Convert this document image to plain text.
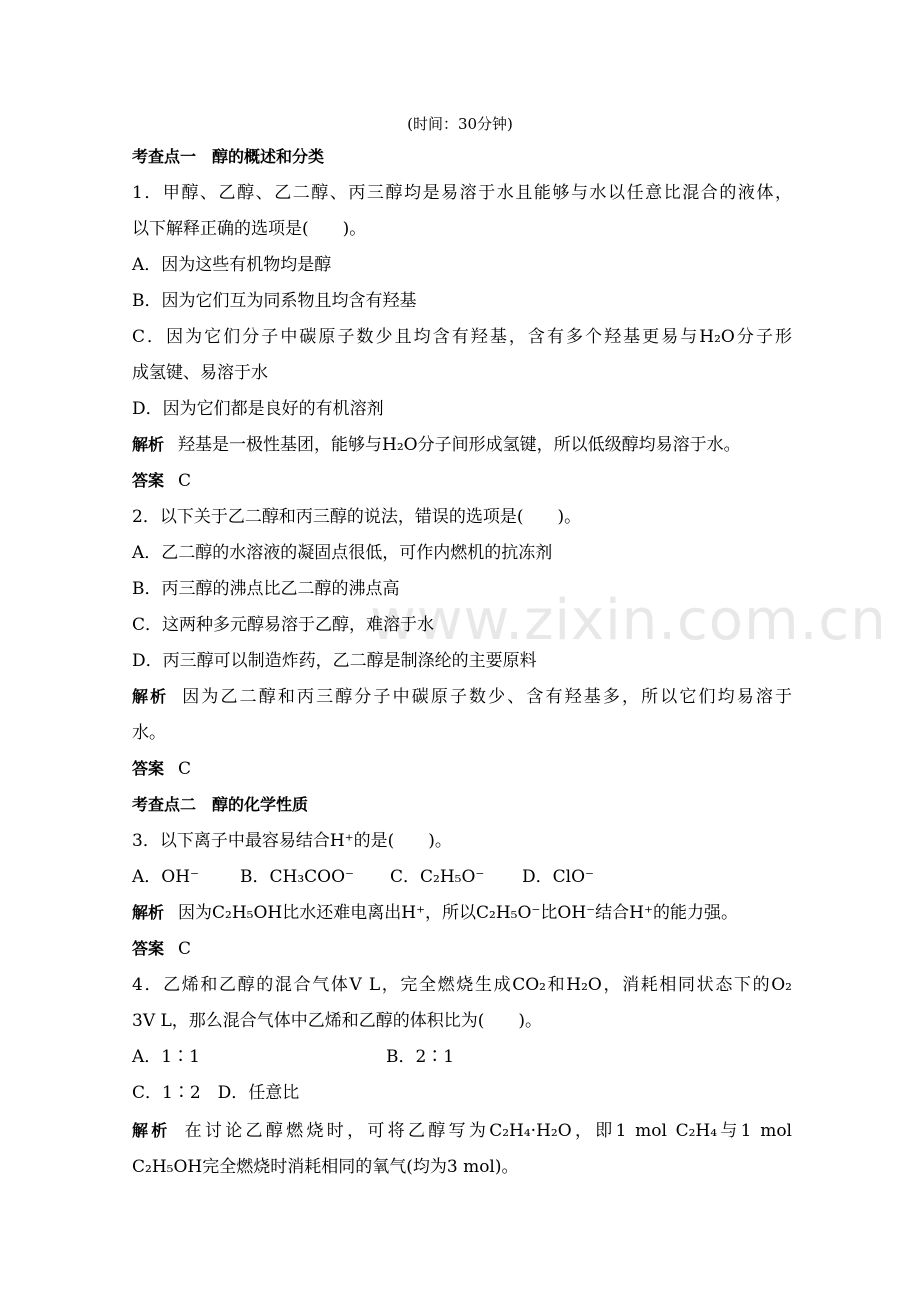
www.zixin.com.cn
(时间：30分钟)
考查点一　醇的概述和分类
1．甲醇、乙醇、乙二醇、丙三醇均是易溶于水且能够与水以任意比混合的液体，
以下解释正确的选项是(　　)。
A．因为这些有机物均是醇
B．因为它们互为同系物且均含有羟基
C．因为它们分子中碳原子数少且均含有羟基，含有多个羟基更易与H₂O分子形
成氢键、易溶于水
D．因为它们都是良好的有机溶剂
解析 羟基是一极性基团，能够与H₂O分子间形成氢键，所以低级醇均易溶于水。
答案 C
2．以下关于乙二醇和丙三醇的说法，错误的选项是(　　)。
A．乙二醇的水溶液的凝固点很低，可作内燃机的抗冻剂
B．丙三醇的沸点比乙二醇的沸点高
C．这两种多元醇易溶于乙醇，难溶于水
D．丙三醇可以制造炸药，乙二醇是制涤纶的主要原料
解析 因为乙二醇和丙三醇分子中碳原子数少、含有羟基多，所以它们均易溶于
水。
答案 C
考查点二　醇的化学性质
3．以下离子中最容易结合H⁺的是(　　)。
A．OH⁻ B．CH₃COO⁻ C．C₂H₅O⁻ D．ClO⁻
解析 因为C₂H₅OH比水还难电离出H⁺，所以C₂H₅O⁻比OH⁻结合H⁺的能力强。
答案 C
4．乙烯和乙醇的混合气体V L，完全燃烧生成CO₂和H₂O，消耗相同状态下的O₂
3V L，那么混合气体中乙烯和乙醇的体积比为(　　)。
A．1∶1	B．2∶1
C．1∶2　D．任意比
解析 在讨论乙醇燃烧时，可将乙醇写为C₂H₄·H₂O，即1 mol C₂H₄与1 mol
C₂H₅OH完全燃烧时消耗相同的氧气(均为3 mol)。
